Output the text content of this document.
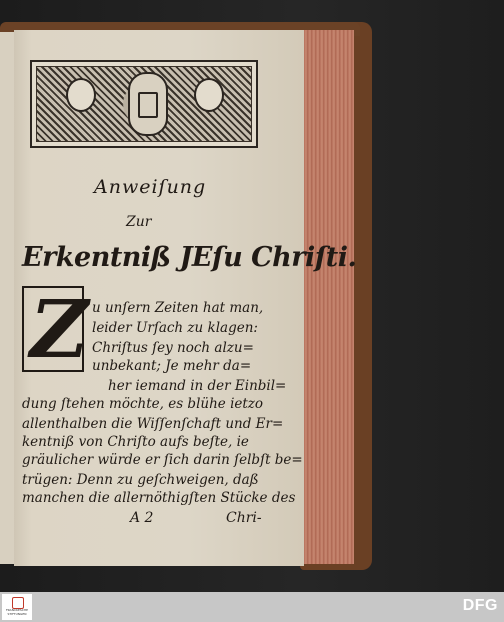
Anweiſung
Zur
Erkentniß JEſu Chriſti.
Z u unſern Zeiten hat man,
leider Urſach zu klagen:
Chriſtus ſey noch alzu=
unbekant; Je mehr da=
her iemand in der Einbil=
dung ſtehen möchte, es blühe ietzo
allenthalben die Wiſſenſchaft und Er=
kentniß von Chriſto aufs beſte, ie
gräulicher würde er ſich darin ſelbſt be=
trügen: Denn zu geſchweigen, daß
manchen die allernöthigſten Stücke des
A 2	Chri-
FRANCKESCHE STIFTUNGEN	DFG
